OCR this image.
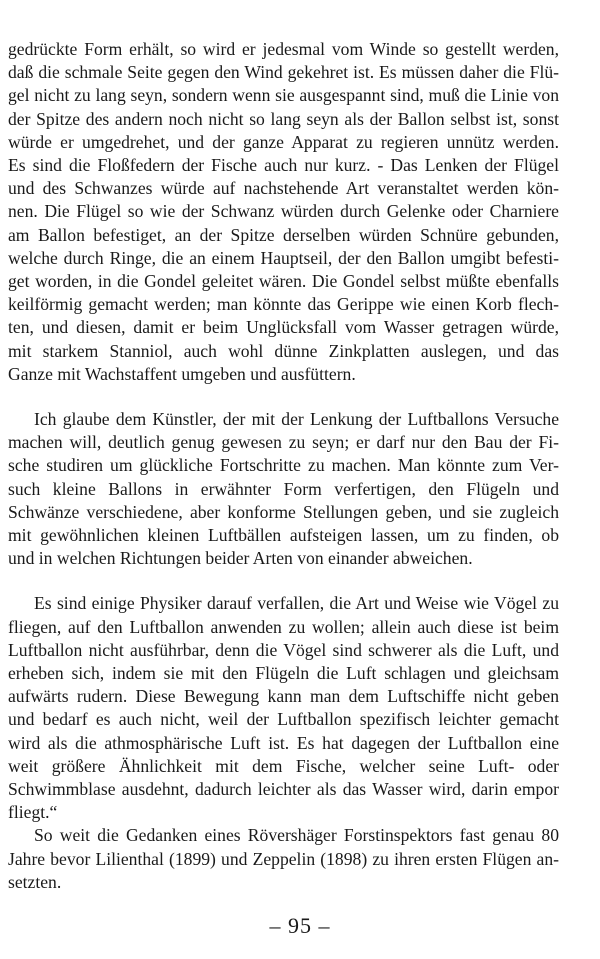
gedrückte Form erhält, so wird er jedesmal vom Winde so gestellt werden,
daß die schmale Seite gegen den Wind gekehret ist. Es müssen daher die Flü-
gel nicht zu lang seyn, sondern wenn sie ausgespannt sind, muß die Linie von
der Spitze des andern noch nicht so lang seyn als der Ballon selbst ist, sonst
würde er umgedrehet, und der ganze Apparat zu regieren unnütz werden.
Es sind die Floßfedern der Fische auch nur kurz. - Das Lenken der Flügel
und des Schwanzes würde auf nachstehende Art veranstaltet werden kön-
nen. Die Flügel so wie der Schwanz würden durch Gelenke oder Charniere
am Ballon befestiget, an der Spitze derselben würden Schnüre gebunden,
welche durch Ringe, die an einem Hauptseil, der den Ballon umgibt befesti-
get worden, in die Gondel geleitet wären. Die Gondel selbst müßte ebenfalls
keilförmig gemacht werden; man könnte das Gerippe wie einen Korb flech-
ten, und diesen, damit er beim Unglücksfall vom Wasser getragen würde,
mit starkem Stanniol, auch wohl dünne Zinkplatten auslegen, und das
Ganze mit Wachstaffent umgeben und ausfüttern.
Ich glaube dem Künstler, der mit der Lenkung der Luftballons Versuche
machen will, deutlich genug gewesen zu seyn; er darf nur den Bau der Fi-
sche studiren um glückliche Fortschritte zu machen. Man könnte zum Ver-
such kleine Ballons in erwähnter Form verfertigen, den Flügeln und
Schwänze verschiedene, aber konforme Stellungen geben, und sie zugleich
mit gewöhnlichen kleinen Luftbällen aufsteigen lassen, um zu finden, ob
und in welchen Richtungen beider Arten von einander abweichen.
Es sind einige Physiker darauf verfallen, die Art und Weise wie Vögel zu
fliegen, auf den Luftballon anwenden zu wollen; allein auch diese ist beim
Luftballon nicht ausführbar, denn die Vögel sind schwerer als die Luft, und
erheben sich, indem sie mit den Flügeln die Luft schlagen und gleichsam
aufwärts rudern. Diese Bewegung kann man dem Luftschiffe nicht geben
und bedarf es auch nicht, weil der Luftballon spezifisch leichter gemacht
wird als die athmosphärische Luft ist. Es hat dagegen der Luftballon eine
weit größere Ähnlichkeit mit dem Fische, welcher seine Luft- oder
Schwimmblase ausdehnt, dadurch leichter als das Wasser wird, darin empor
fliegt.“
So weit die Gedanken eines Rövershäger Forstinspektors fast genau 80
Jahre bevor Lilienthal (1899) und Zeppelin (1898) zu ihren ersten Flügen an-
setzten.
– 95 –
